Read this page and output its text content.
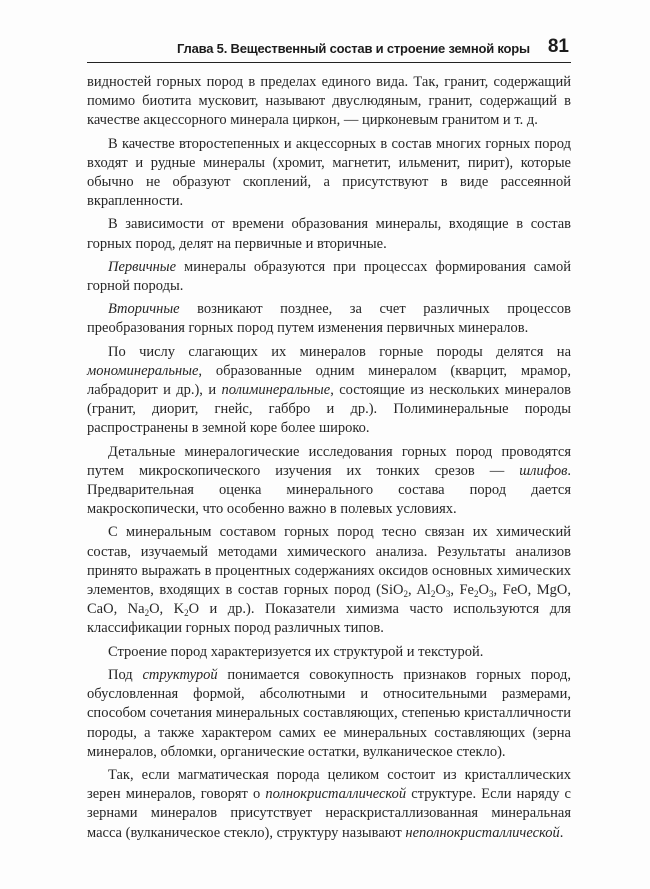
Глава 5. Вещественный состав и строение земной коры 81

видностей горных пород в пределах единого вида. Так, гранит, содержащий помимо биотита мусковит, называют двуслюдяным, гранит, содержащий в качестве акцессорного минерала циркон, — цирконевым гранитом и т. д.

В качестве второстепенных и акцессорных в состав многих горных пород входят и рудные минералы (хромит, магнетит, ильменит, пирит), которые обычно не образуют скоплений, а присутствуют в виде рассеянной вкрапленности.

В зависимости от времени образования минералы, входящие в состав горных пород, делят на первичные и вторичные.

Первичные минералы образуются при процессах формирования самой горной породы.

Вторичные возникают позднее, за счет различных процессов преобразования горных пород путем изменения первичных минералов.

По числу слагающих их минералов горные породы делятся на мономинеральные, образованные одним минералом (кварцит, мрамор, лабрадорит и др.), и полиминеральные, состоящие из нескольких минералов (гранит, диорит, гнейс, габбро и др.). Полиминеральные породы распространены в земной коре более широко.

Детальные минералогические исследования горных пород проводятся путем микроскопического изучения их тонких срезов — шлифов. Предварительная оценка минерального состава пород дается макроскопически, что особенно важно в полевых условиях.

С минеральным составом горных пород тесно связан их химический состав, изучаемый методами химического анализа. Результаты анализов принято выражать в процентных содержаниях оксидов основных химических элементов, входящих в состав горных пород (SiO$_2$, $Al_2O_3$, $Fe_2O_3$, FeO, MgO, CaO, $Na_2O$, $K_2O$ и др.). Показатели химизма часто используются для классификации горных пород различных типов.

Строение пород характеризуется их структурой и текстурой.

Под структурой понимается совокупность признаков горных пород, обусловленная формой, абсолютными и относительными размерами, способом сочетания минеральных составляющих, степенью кристалличности породы, а также характером самих ее минеральных составляющих (зерна минералов, обломки, органические остатки, вулканическое стекло).

Так, если магматическая порода целиком состоит из кристаллических зерен минералов, говорят о полнокристаллической структуре. Если наряду с зернами минералов присутствует нераскристаллизованная минеральная масса (вулканическое стекло), структуру называют неполнокристаллической.
